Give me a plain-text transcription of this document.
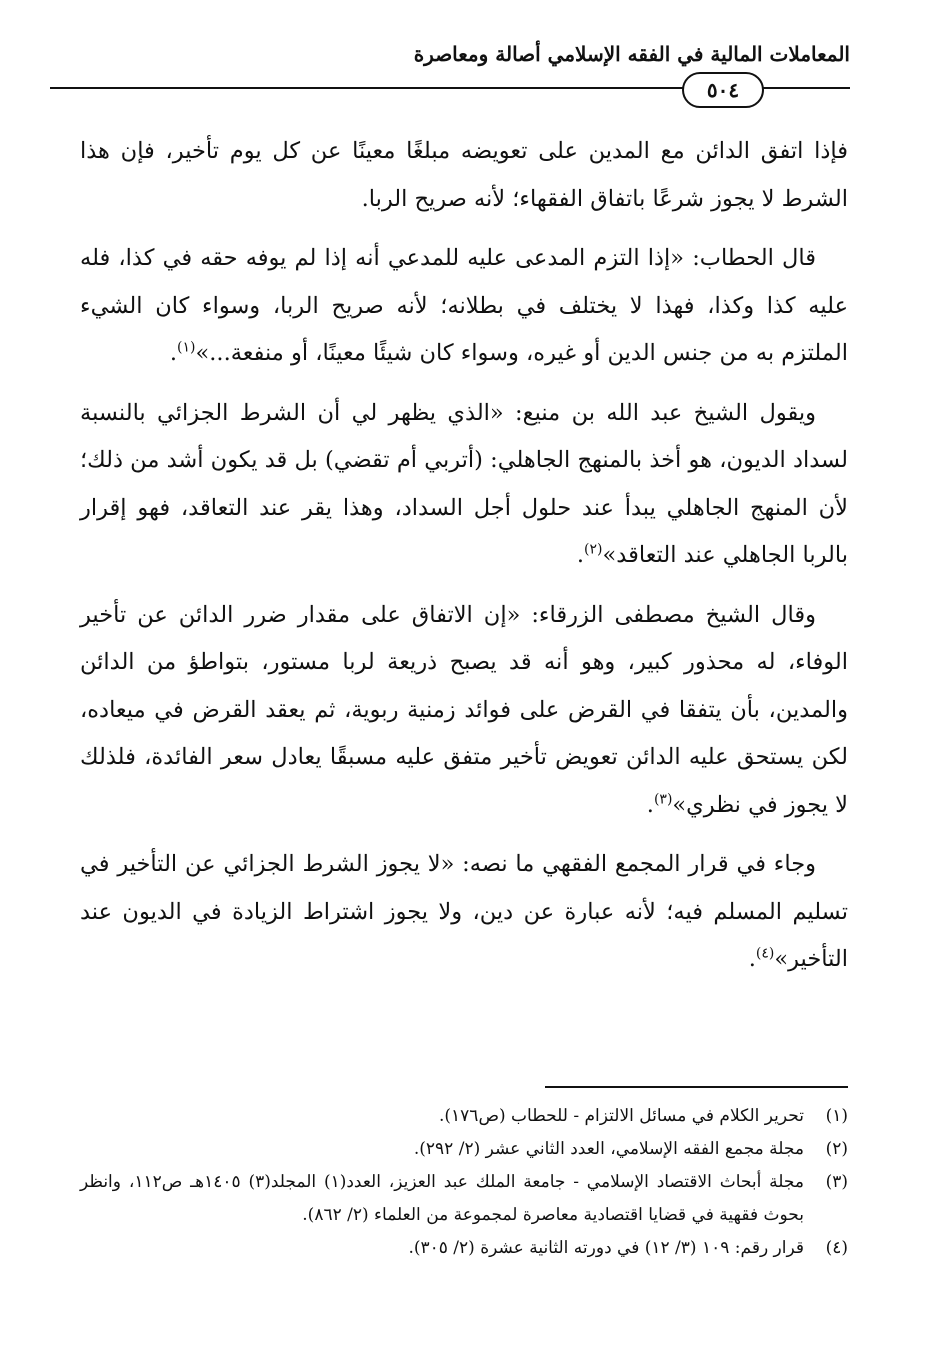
المعاملات المالية في الفقه الإسلامي أصالة ومعاصرة
٥٠٤

فإذا اتفق الدائن مع المدين على تعويضه مبلغًا معينًا عن كل يوم تأخير، فإن هذا الشرط لا يجوز شرعًا باتفاق الفقهاء؛ لأنه صريح الربا.

قال الحطاب: «إذا التزم المدعى عليه للمدعي أنه إذا لم يوفه حقه في كذا، فله عليه كذا وكذا، فهذا لا يختلف في بطلانه؛ لأنه صريح الربا، وسواء كان الشيء الملتزم به من جنس الدين أو غيره، وسواء كان شيئًا معينًا، أو منفعة...»$^{(١)}$.

ويقول الشيخ عبد الله بن منيع: «الذي يظهر لي أن الشرط الجزائي بالنسبة لسداد الديون، هو أخذ بالمنهج الجاهلي: (أتربي أم تقضي) بل قد يكون أشد من ذلك؛ لأن المنهج الجاهلي يبدأ عند حلول أجل السداد، وهذا يقر عند التعاقد، فهو إقرار بالربا الجاهلي عند التعاقد»$^{(٢)}$.

وقال الشيخ مصطفى الزرقاء: «إن الاتفاق على مقدار ضرر الدائن عن تأخير الوفاء، له محذور كبير، وهو أنه قد يصبح ذريعة لربا مستور، بتواطؤ من الدائن والمدين، بأن يتفقا في القرض على فوائد زمنية ربوية، ثم يعقد القرض في ميعاده، لكن يستحق عليه الدائن تعويض تأخير متفق عليه مسبقًا يعادل سعر الفائدة، فلذلك لا يجوز في نظري»$^{(٣)}$.

وجاء في قرار المجمع الفقهي ما نصه: «لا يجوز الشرط الجزائي عن التأخير في تسليم المسلم فيه؛ لأنه عبارة عن دين، ولا يجوز اشتراط الزيادة في الديون عند التأخير»$^{(٤)}$.

(١)
تحرير الكلام في مسائل الالتزام - للحطاب (ص١٧٦).
(٢)
مجلة مجمع الفقه الإسلامي، العدد الثاني عشر (٢/ ٢٩٢).
(٣)
مجلة أبحاث الاقتصاد الإسلامي - جامعة الملك عبد العزيز، العدد(١) المجلد(٣) ١٤٠٥هـ ص١١٢، وانظر بحوث فقهية في قضايا اقتصادية معاصرة لمجموعة من العلماء (٢/ ٨٦٢).
(٤)
قرار رقم: ١٠٩ (٣/ ١٢) في دورته الثانية عشرة (٢/ ٣٠٥).
